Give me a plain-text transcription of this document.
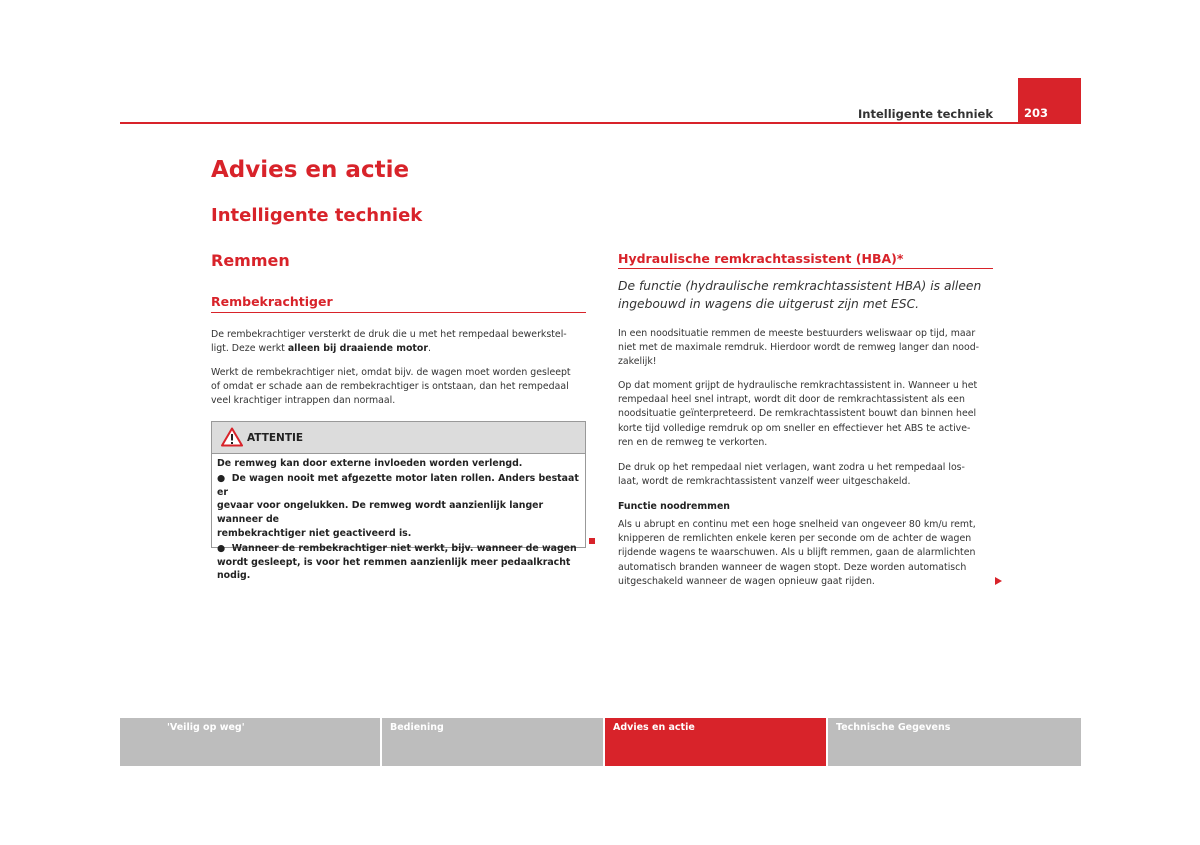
Intelligente techniek	203
Advies en actie
Intelligente techniek
Remmen
Rembekrachtiger
De rembekrachtiger versterkt de druk die u met het rempedaal bewerkstel-
ligt. Deze werkt alleen bij draaiende motor.
Werkt de rembekrachtiger niet, omdat bijv. de wagen moet worden gesleept
of omdat er schade aan de rembekrachtiger is ontstaan, dan het rempedaal
veel krachtiger intrappen dan normaal.
ATTENTIE

De remweg kan door externe invloeden worden verlengd.

●  De wagen nooit met afgezette motor laten rollen. Anders bestaat er
gevaar voor ongelukken. De remweg wordt aanzienlijk langer wanneer de
rembekrachtiger niet geactiveerd is.

●  Wanneer de rembekrachtiger niet werkt, bijv. wanneer de wagen
wordt gesleept, is voor het remmen aanzienlijk meer pedaalkracht nodig.

Hydraulische remkrachtassistent (HBA)*
De functie (hydraulische remkrachtassistent HBA) is alleen
ingebouwd in wagens die uitgerust zijn met ESC.
In een noodsituatie remmen de meeste bestuurders weliswaar op tijd, maar
niet met de maximale remdruk. Hierdoor wordt de remweg langer dan nood-
zakelijk!
Op dat moment grijpt de hydraulische remkrachtassistent in. Wanneer u het
rempedaal heel snel intrapt, wordt dit door de remkrachtassistent als een
noodsituatie geïnterpreteerd. De remkrachtassistent bouwt dan binnen heel
korte tijd volledige remdruk op om sneller en effectiever het ABS te active-
ren en de remweg te verkorten.
De druk op het rempedaal niet verlagen, want zodra u het rempedaal los-
laat, wordt de remkrachtassistent vanzelf weer uitgeschakeld.
Functie noodremmen
Als u abrupt en continu met een hoge snelheid van ongeveer 80 km/u remt,
knipperen de remlichten enkele keren per seconde om de achter de wagen
rijdende wagens te waarschuwen. Als u blijft remmen, gaan de alarmlichten
automatisch branden wanneer de wagen stopt. Deze worden automatisch
uitgeschakeld wanneer de wagen opnieuw gaat rijden.
'Veilig op weg'	Bediening	Advies en actie	Technische Gegevens
